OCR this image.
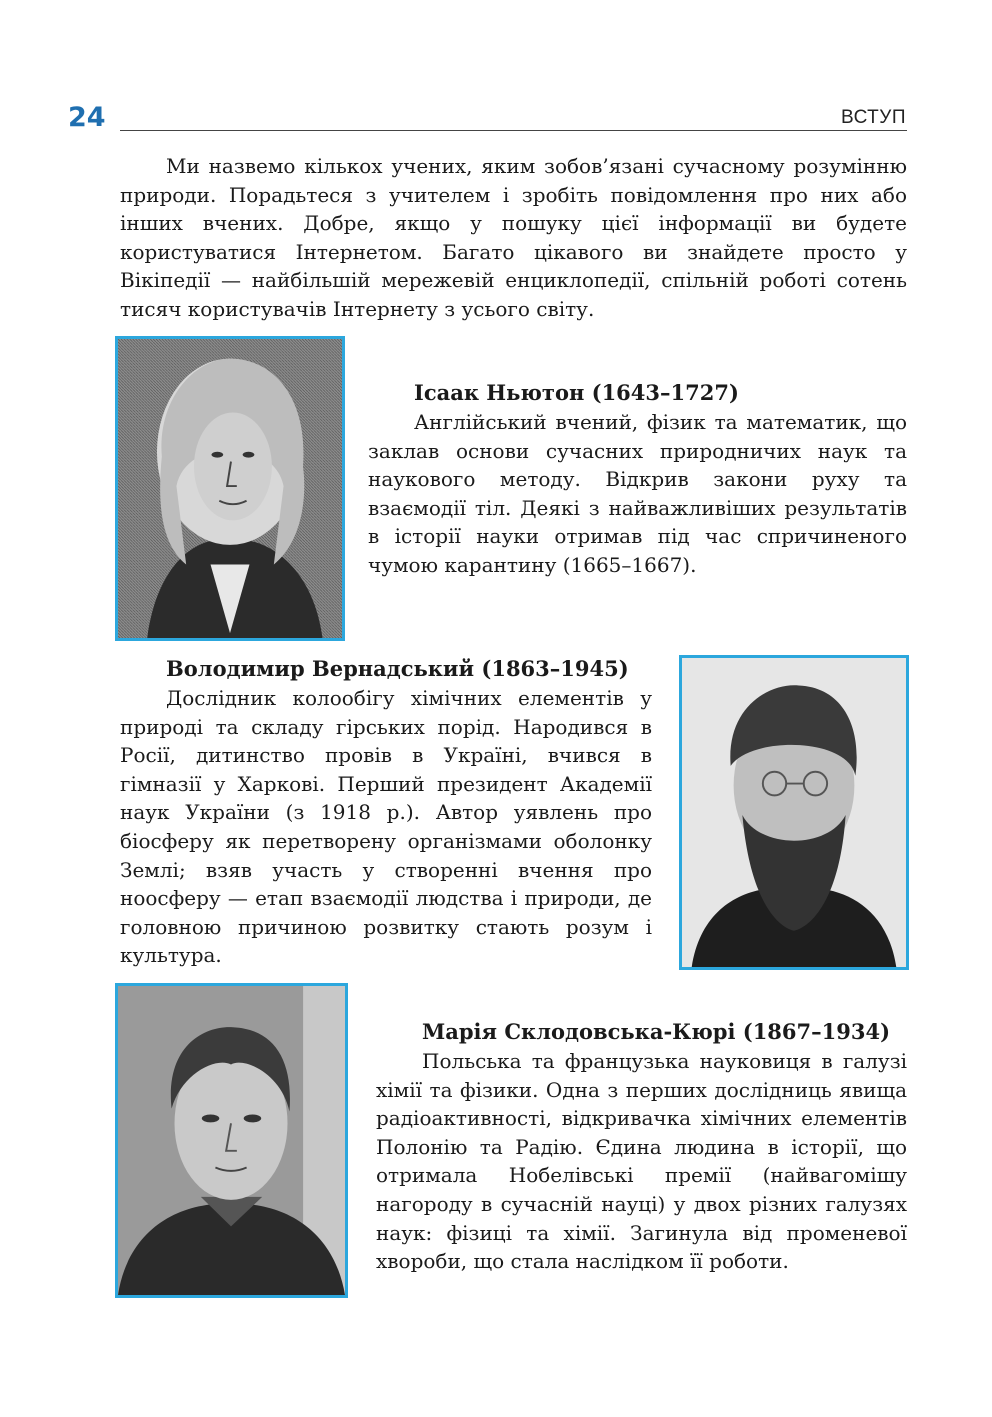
24	ВСТУП

Ми назвемо кількох учених, яким зобов’язані сучасному розумінню природи. Порадьтеся з учителем і зробіть повідомлення про них або інших вчених. Добре, якщо у пошуку цієї інформації ви будете користуватися Інтернетом. Багато цікавого ви знайдете просто у Вікіпедії — найбільшій мережевій енциклопедії, спільній роботі сотень тисяч користувачів Інтернету з усього світу.

Ісаак Ньютон (1643–1727)

Англійський вчений, фізик та математик, що заклав основи сучасних природничих наук та наукового методу. Відкрив закони руху та взаємодії тіл. Деякі з найважливіших результатів в історії науки отримав під час спричиненого чумою карантину (1665–1667).

Володимир Вернадський (1863–1945)

Дослідник колообігу хімічних елементів у природі та складу гірських порід. Народився в Росії, дитинство провів в Україні, вчився в гімназії у Харкові. Перший президент Академії наук України (з 1918 р.). Автор уявлень про біосферу як перетворену організмами оболонку Землі; взяв участь у створенні вчення про ноосферу — етап взаємодії людства і природи, де головною причиною розвитку стають розум і культура.

Марія Склодовська-Кюрі (1867–1934)

Польська та французька науковиця в галузі хімії та фізики. Одна з перших дослідниць явища радіоактивності, відкривачка хімічних елементів Полонію та Радію. Єдина людина в історії, що отримала Нобелівські премії (найвагомішу нагороду в сучасній науці) у двох різних галузях наук: фізиці та хімії. Загинула від променевої хвороби, що стала наслідком її роботи.
